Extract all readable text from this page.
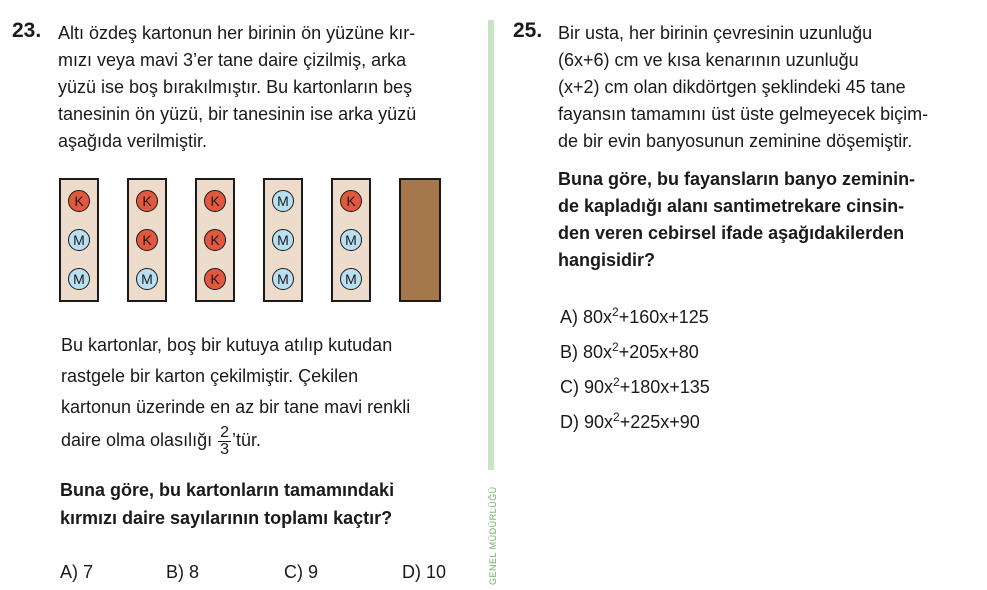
23. Altı özdeş kartonun her birinin ön yüzüne kır-
mızı veya mavi 3’er tane daire çizilmiş, arka
yüzü ise boş bırakılmıştır. Bu kartonların beş
tanesinin ön yüzü, bir tanesinin ise arka yüzü
aşağıda verilmiştir.
K
M
M
K
K
M
K
K
K
M
M
M
K
M
M
Bu kartonlar, boş bir kutuya atılıp kutudan
rastgele bir karton çekilmiştir. Çekilen
kartonun üzerinde en az bir tane mavi renkli
daire olma olasılığı $\frac{2}{3}$ ’tür.
Buna göre, bu kartonların tamamındaki
kırmızı daire sayılarının toplamı kaçtır?
A) 7	B) 8	C) 9	D) 10	GENEL MÜDÜRLÜĞÜ
25. Bir usta, her birinin çevresinin uzunluğu
(6x+6) cm ve kısa kenarının uzunluğu
(x+2) cm olan dikdörtgen şeklindeki 45 tane
fayansın tamamını üst üste gelmeyecek biçim-
de bir evin banyosunun zeminine döşemiştir.
Buna göre, bu fayansların banyo zeminin-
de kapladığı alanı santimetrekare cinsin-
den veren cebirsel ifade aşağıdakilerden
hangisidir?
A) $80x^2+160x+125$
B) $80x^2+205x+80$
C) $90x^2+180x+135$
D) $90x^2+225x+90$
